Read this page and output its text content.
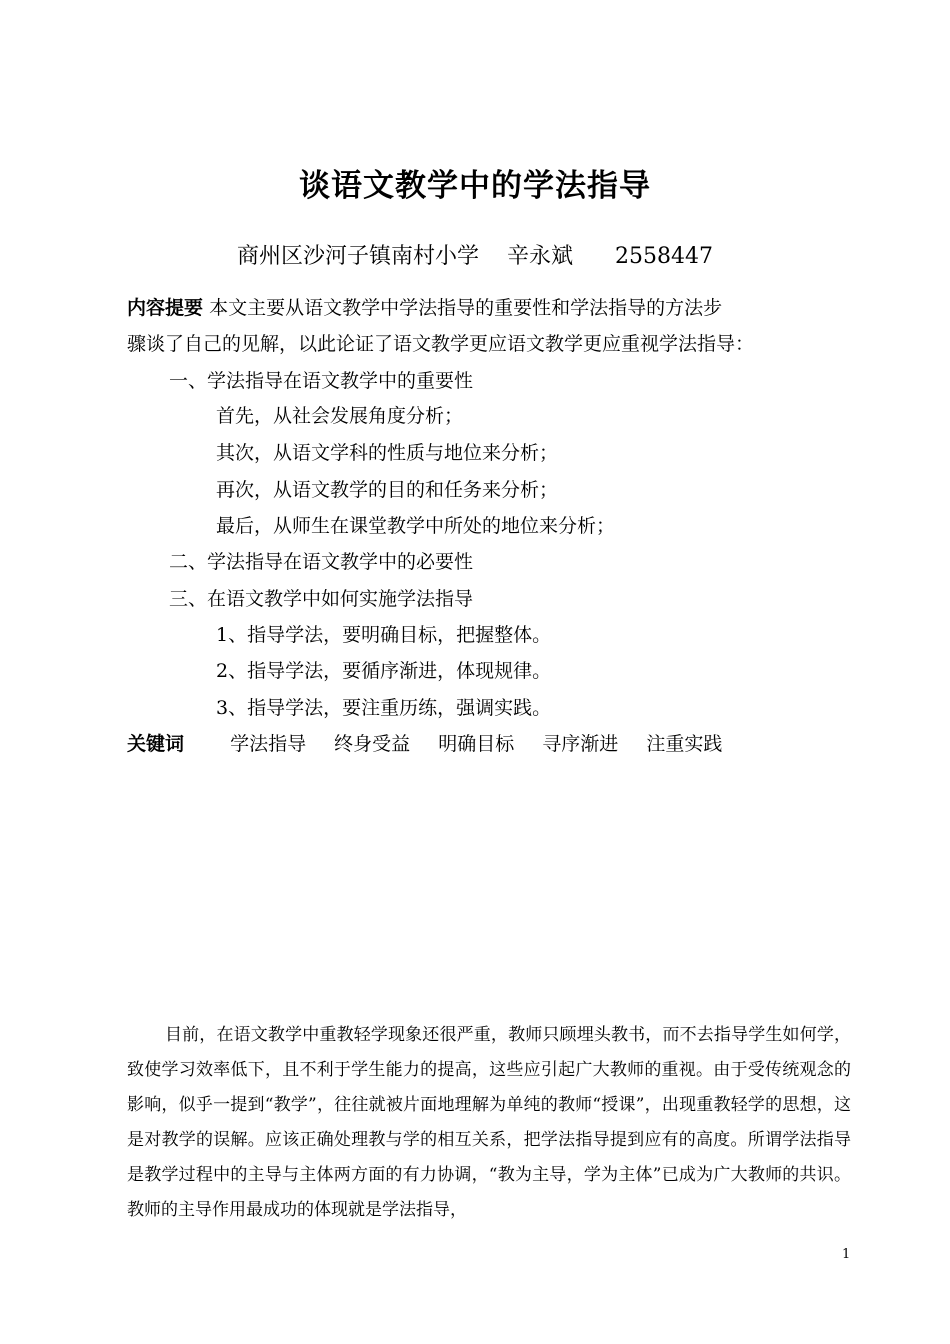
谈语文教学中的学法指导
商州区沙河子镇南村小学 辛永斌 2558447
内容提要 本文主要从语文教学中学法指导的重要性和学法指导的方法步
骤谈了自己的见解，以此论证了语文教学更应语文教学更应重视学法指导：
一、学法指导在语文教学中的重要性
首先，从社会发展角度分析；
其次，从语文学科的性质与地位来分析；
再次，从语文教学的目的和任务来分析；
最后，从师生在课堂教学中所处的地位来分析；
二、学法指导在语文教学中的必要性
三、在语文教学中如何实施学法指导
1、指导学法，要明确目标，把握整体。
2、指导学法，要循序渐进，体现规律。
3、指导学法，要注重历练，强调实践。
关键词 学法指导 终身受益 明确目标 寻序渐进 注重实践
目前，在语文教学中重教轻学现象还很严重，教师只顾埋头教书，而不去指导学生如何学，致使学习效率低下，且不利于学生能力的提高，这些应引起广大教师的重视。由于受传统观念的影响，似乎一提到“教学”，往往就被片面地理解为单纯的教师“授课”，出现重教轻学的思想，这是对教学的误解。应该正确处理教与学的相互关系，把学法指导提到应有的高度。所谓学法指导是教学过程中的主导与主体两方面的有力协调，“教为主导，学为主体”已成为广大教师的共识。教师的主导作用最成功的体现就是学法指导，
1
